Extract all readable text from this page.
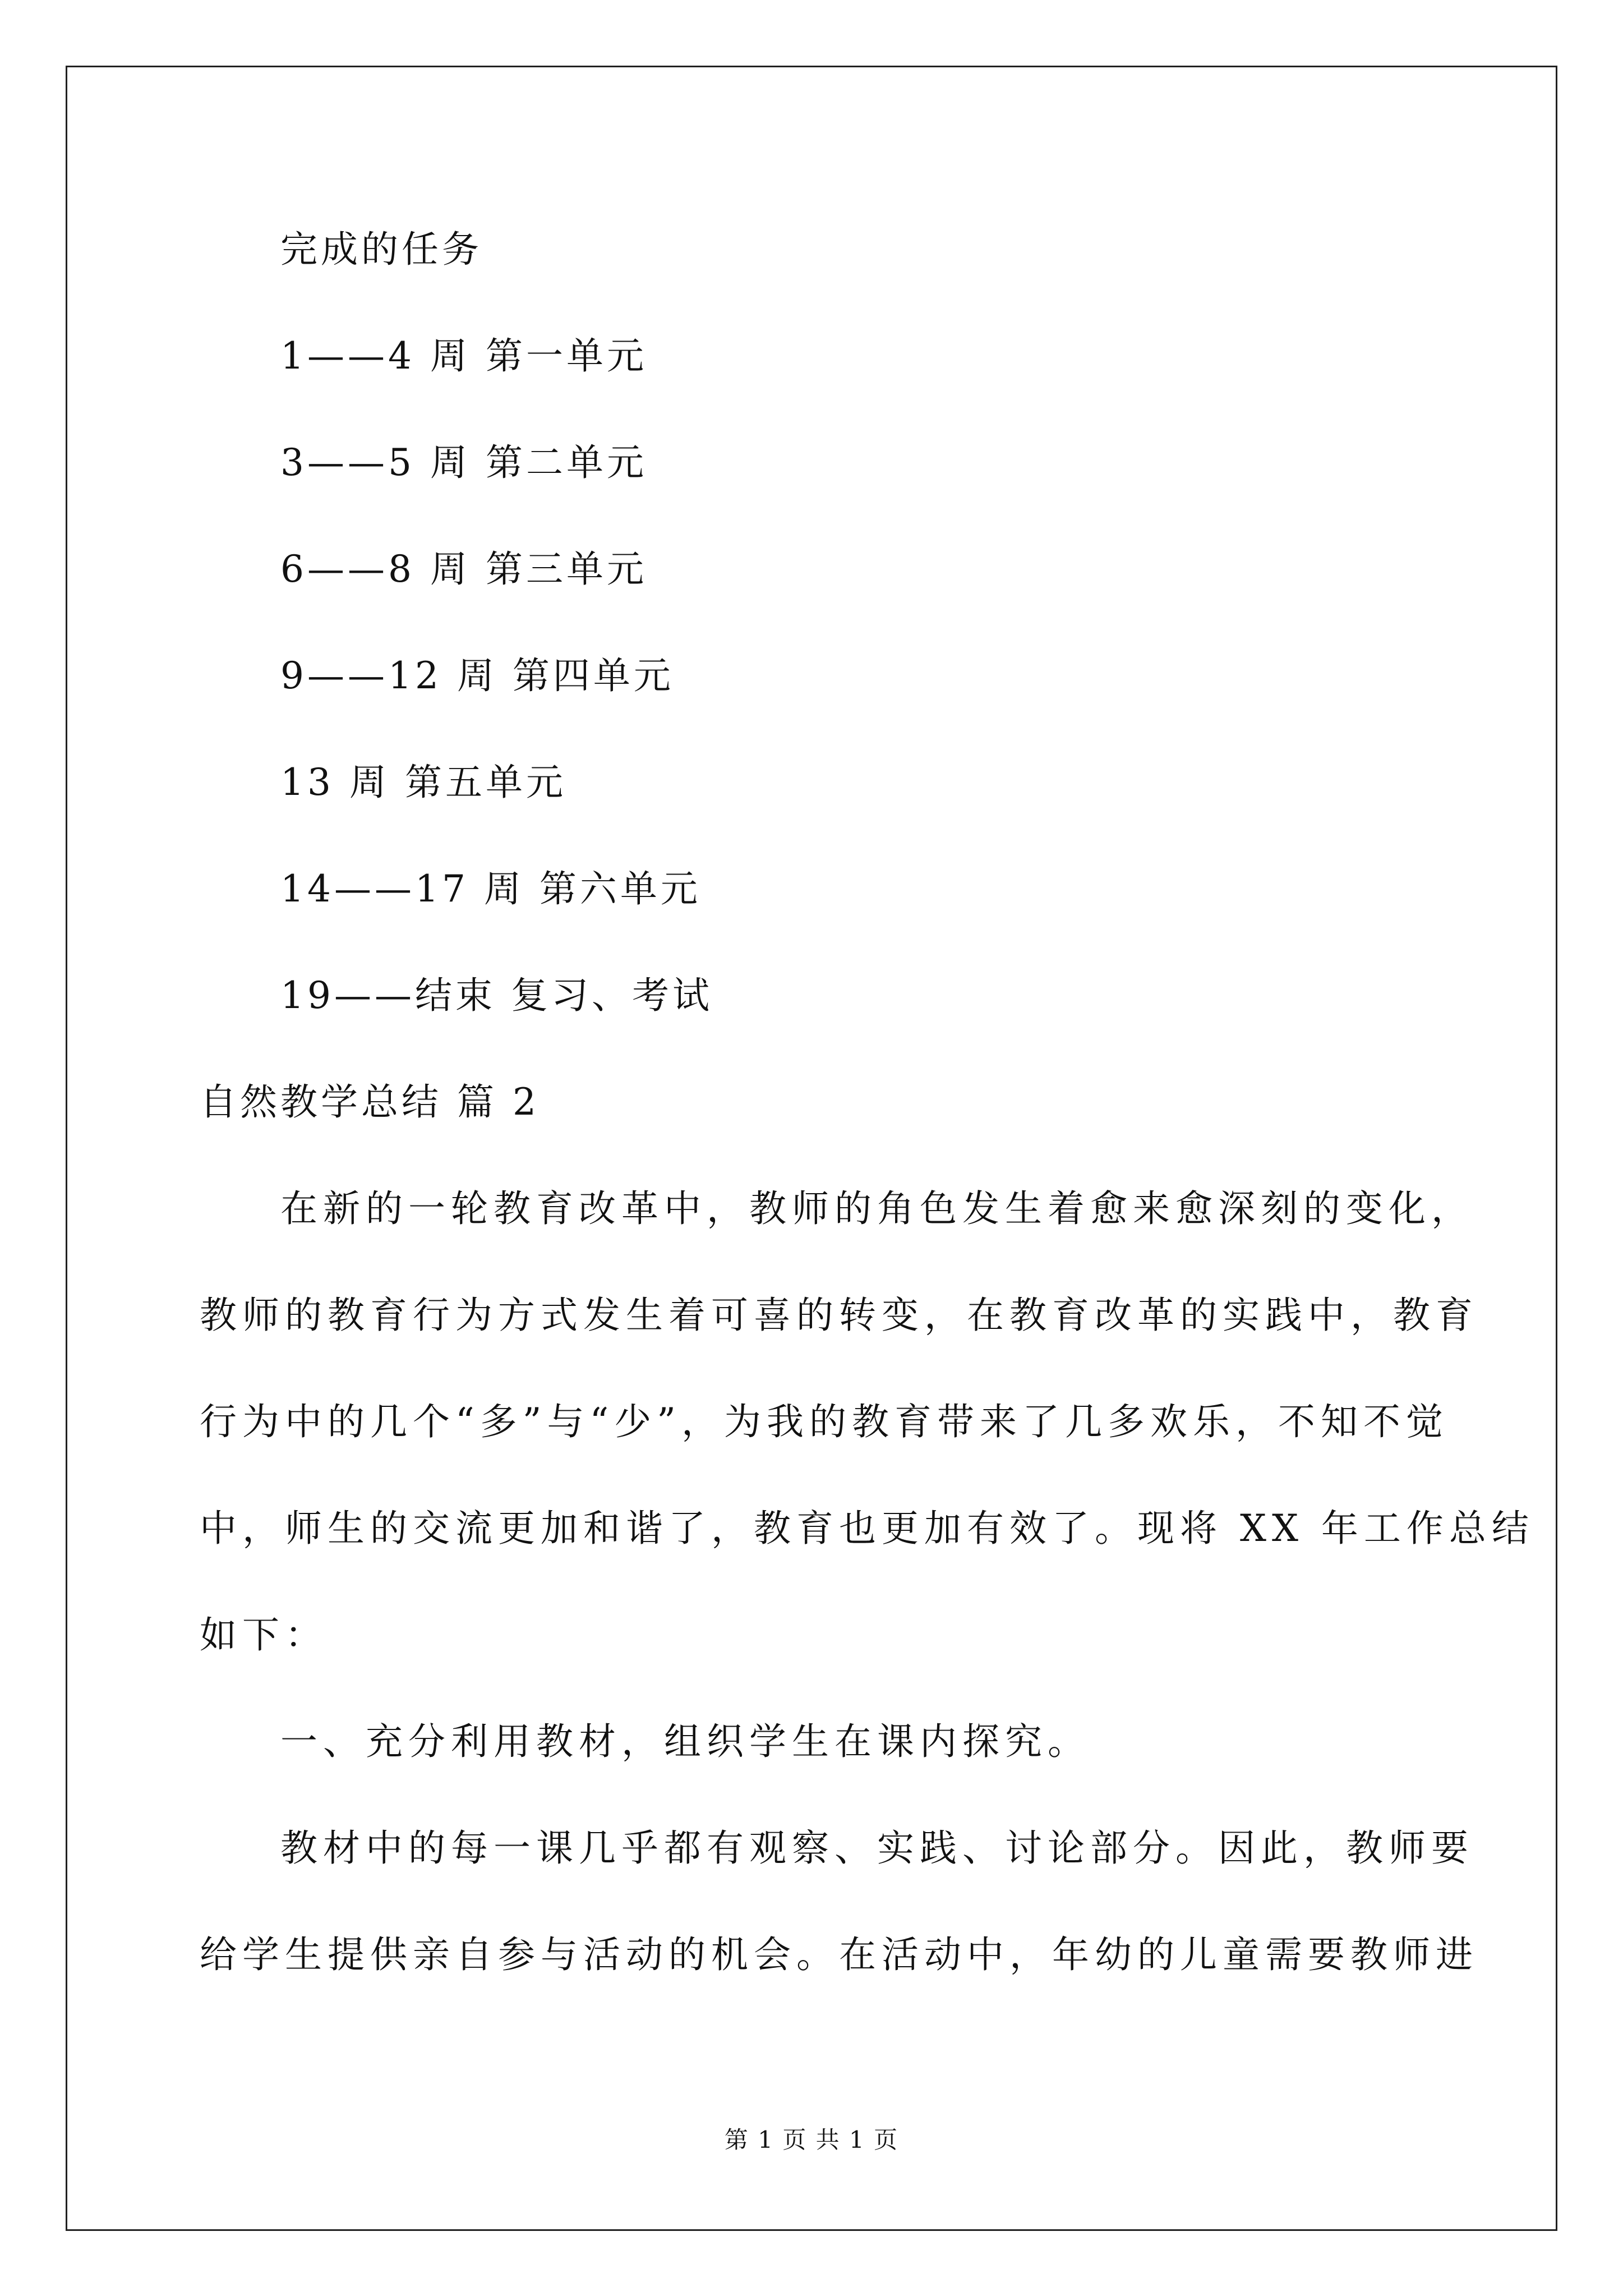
完成的任务
1——4 周 第一单元
3——5 周 第二单元
6——8 周 第三单元
9——12 周 第四单元
13 周 第五单元
14——17 周 第六单元
19——结束 复习、考试
自然教学总结 篇 2
在新的一轮教育改革中，教师的角色发生着愈来愈深刻的变化，
教师的教育行为方式发生着可喜的转变，在教育改革的实践中，教育
行为中的几个“多”与“少”，为我的教育带来了几多欢乐，不知不觉
中，师生的交流更加和谐了，教育也更加有效了。现将 XX 年工作总结
如下：
一、充分利用教材，组织学生在课内探究。
教材中的每一课几乎都有观察、实践、讨论部分。因此，教师要
给学生提供亲自参与活动的机会。在活动中，年幼的儿童需要教师进
第 1 页 共 1 页
